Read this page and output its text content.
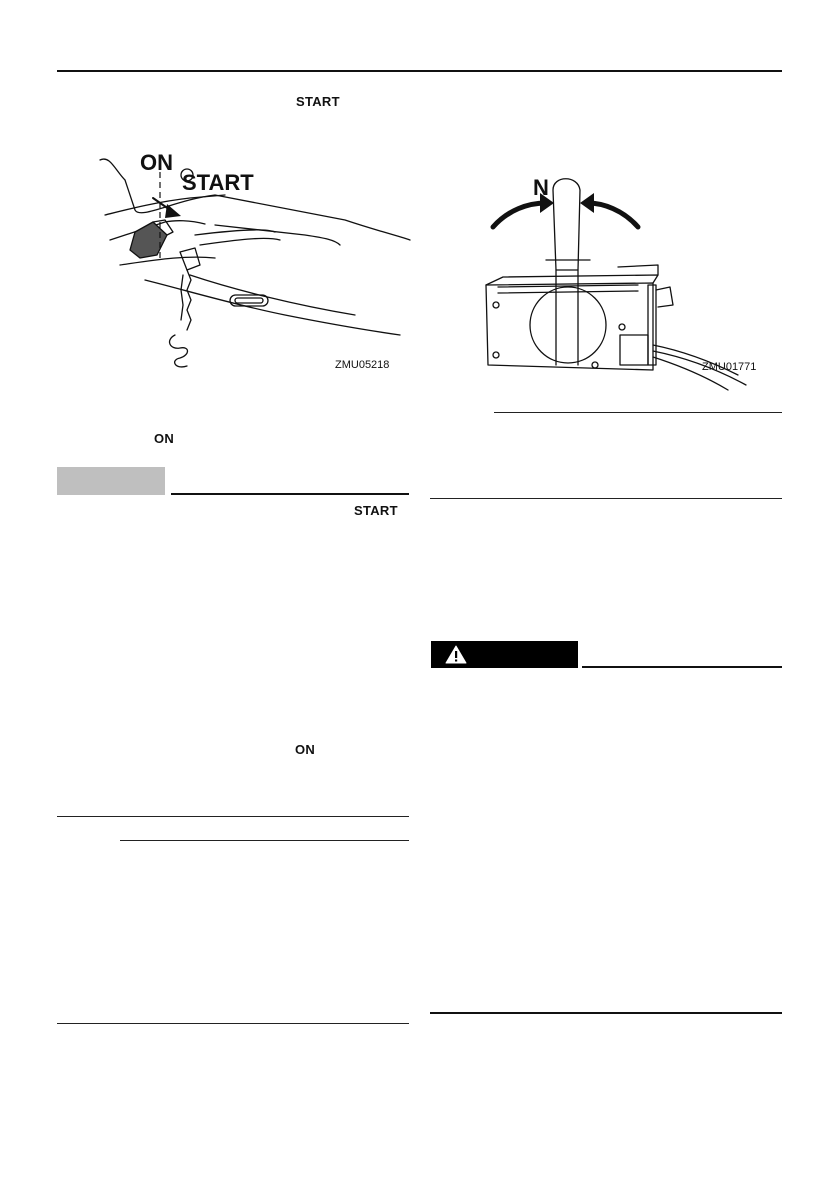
START
ON
START
ZMU05218
ON
START
ON
N
ZMU01771
